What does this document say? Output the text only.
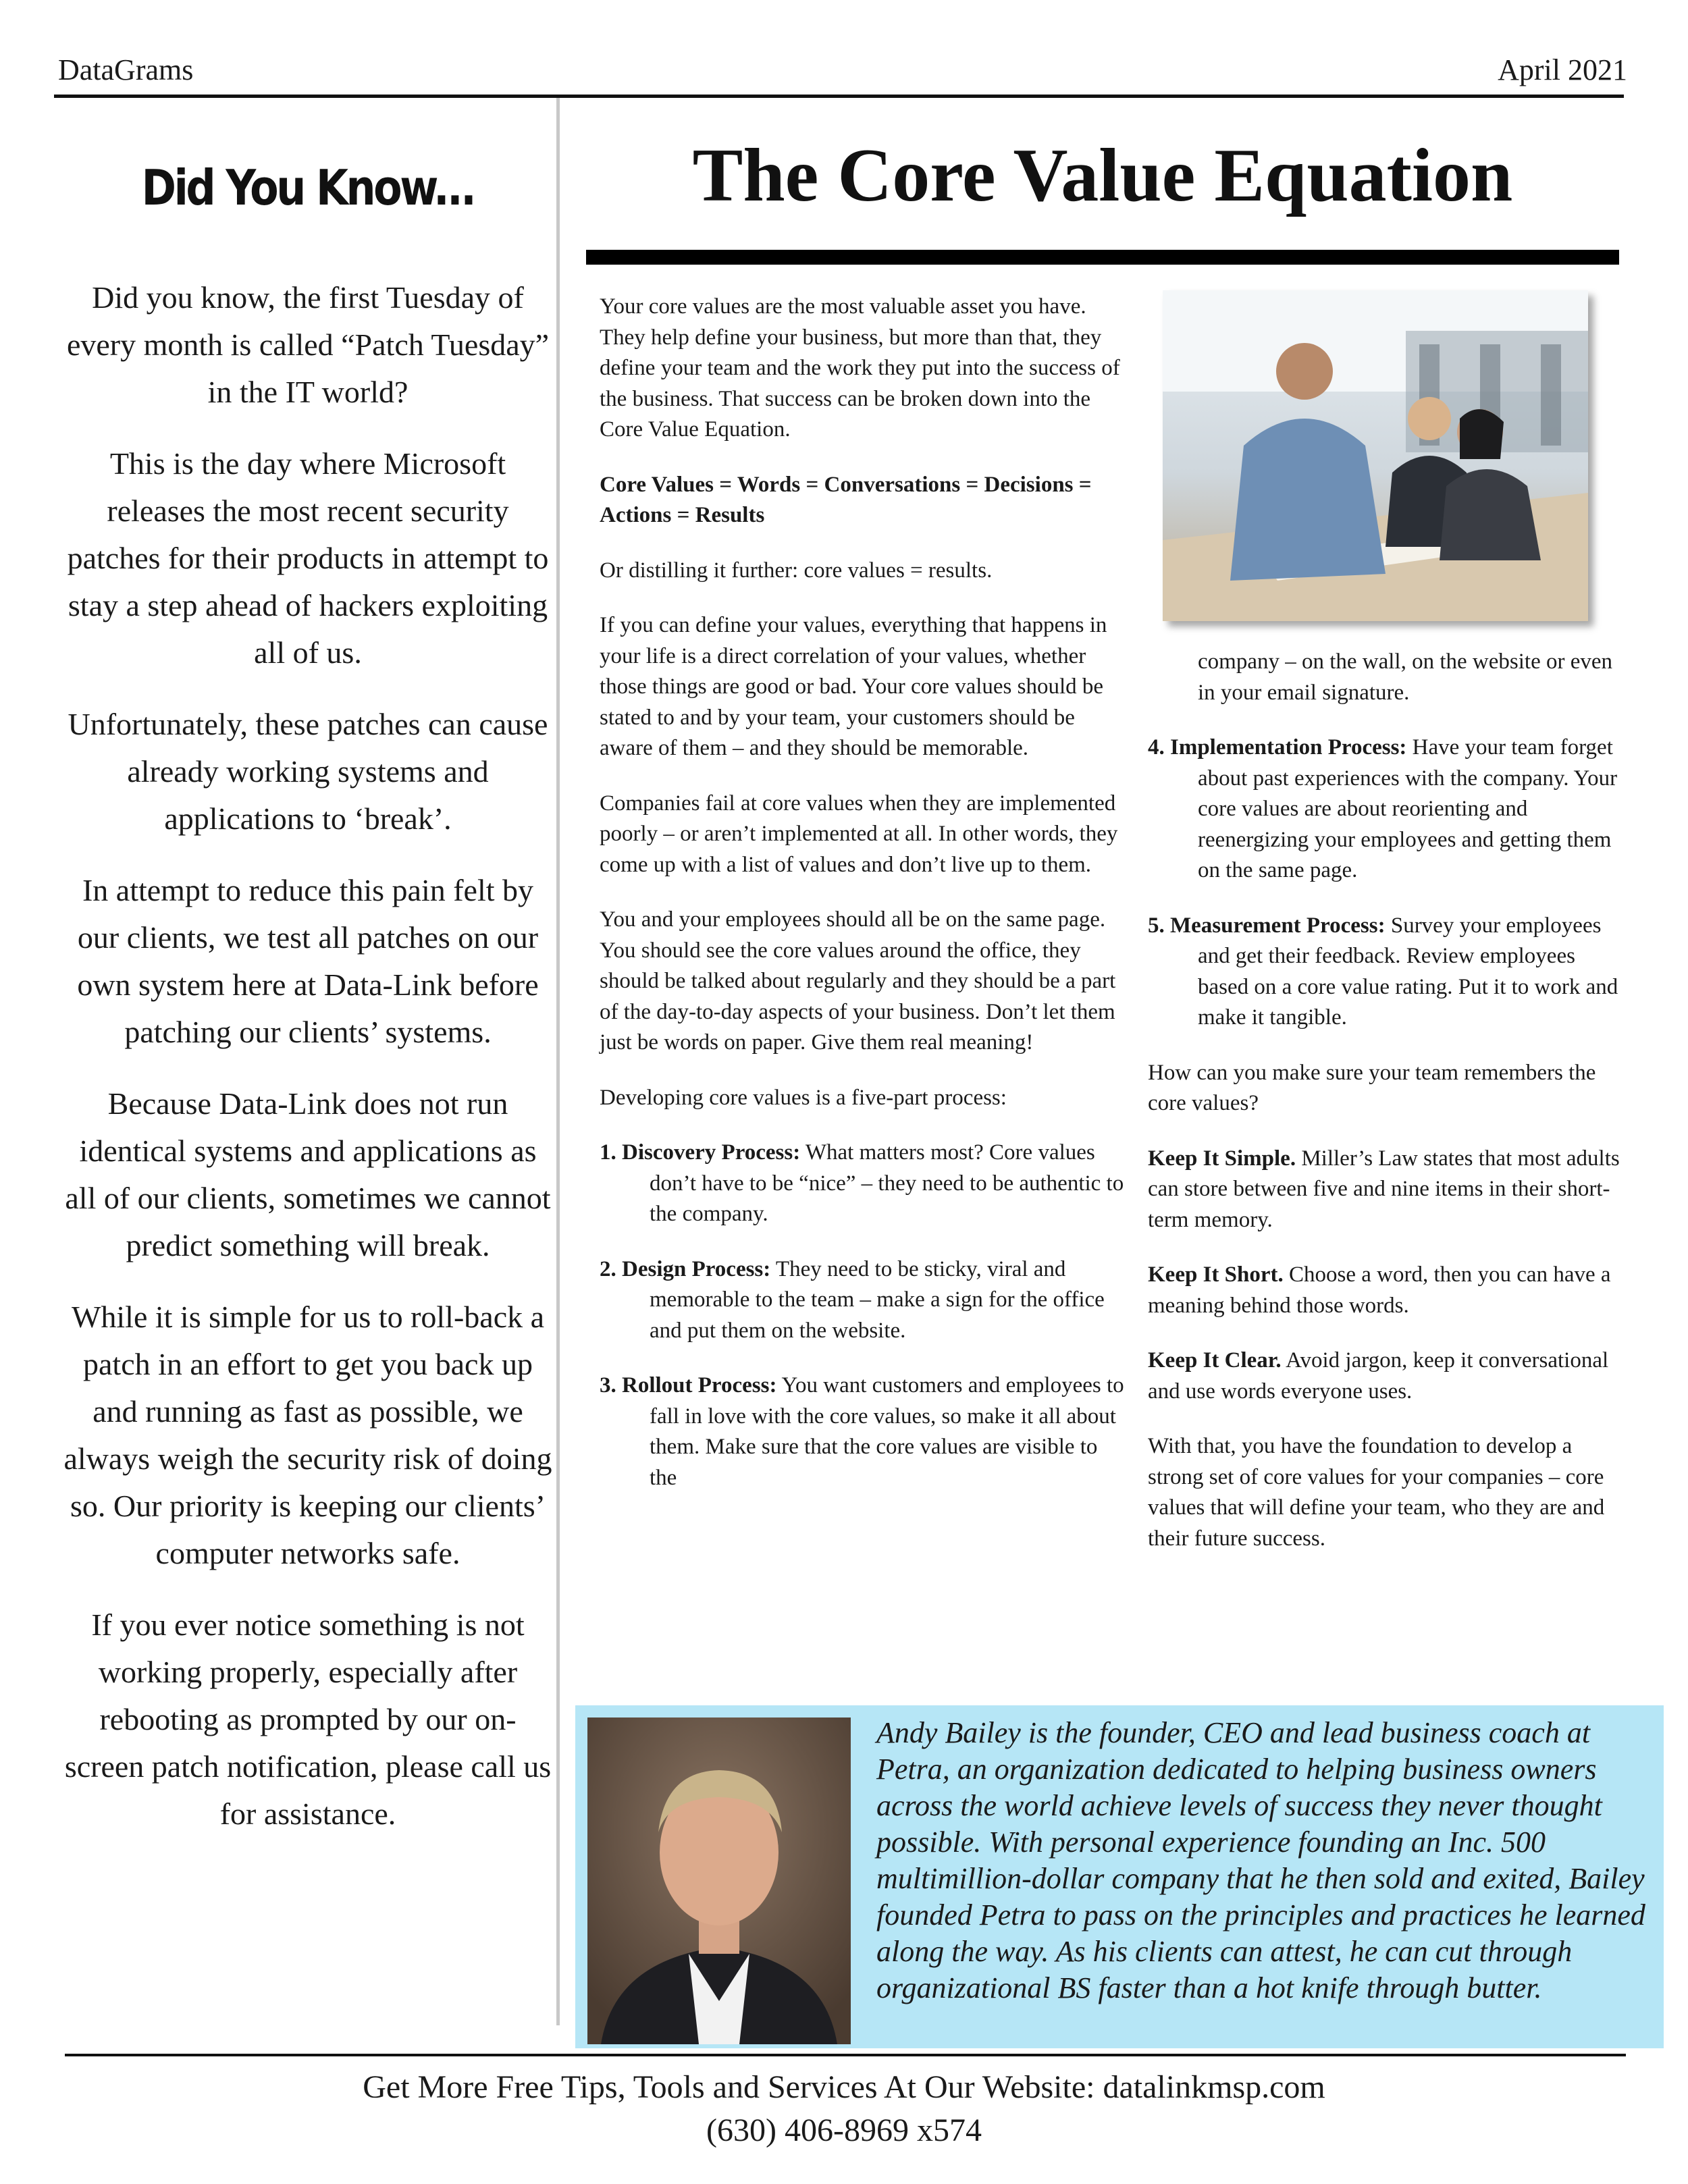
DataGrams	April 2021
Did You Know...

Did you know, the first Tuesday of every month is called “Patch Tuesday” in the IT world?

This is the day where Microsoft releases the most recent security patches for their products in attempt to stay a step ahead of hackers exploiting all of us.

Unfortunately, these patches can cause already working systems and applications to ‘break’.

In attempt to reduce this pain felt by our clients, we test all patches on our own system here at Data-Link before patching our clients’ systems.

Because Data-Link does not run identical systems and applications as all of our clients, sometimes we cannot predict something will break.

While it is simple for us to roll-back a patch in an effort to get you back up and running as fast as possible, we always weigh the security risk of doing so. Our priority is keeping our clients’ computer networks safe.

If you ever notice something is not working properly, especially after rebooting as prompted by our on-screen patch notification, please call us for assistance.

The Core Value Equation

Your core values are the most valuable asset you have. They help define your business, but more than that, they define your team and the work they put into the success of the business. That success can be broken down into the Core Value Equation.

Core Values = Words = Conversations = Decisions = Actions = Results

Or distilling it further: core values = results.

If you can define your values, everything that happens in your life is a direct correlation of your values, whether those things are good or bad. Your core values should be stated to and by your team, your customers should be aware of them – and they should be memorable.

Companies fail at core values when they are implemented poorly – or aren’t implemented at all. In other words, they come up with a list of values and don’t live up to them.

You and your employees should all be on the same page. You should see the core values around the office, they should be talked about regularly and they should be a part of the day-to-day aspects of your business. Don’t let them just be words on paper. Give them real meaning!

Developing core values is a five-part process:

1. Discovery Process: What matters most? Core values don’t have to be “nice” – they need to be authentic to the company.

2. Design Process: They need to be sticky, viral and memorable to the team – make a sign for the office and put them on the website.

3. Rollout Process: You want customers and employees to fall in love with the core values, so make it all about them. Make sure that the core values are visible to the

company – on the wall, on the website or even in your email signature.

4. Implementation Process: Have your team forget about past experiences with the company. Your core values are about reorienting and reenergizing your employees and getting them on the same page.

5. Measurement Process: Survey your employees and get their feedback. Review employees based on a core value rating. Put it to work and make it tangible.

How can you make sure your team remembers the core values?

Keep It Simple. Miller’s Law states that most adults can store between five and nine items in their short-term memory.

Keep It Short. Choose a word, then you can have a meaning behind those words.

Keep It Clear. Avoid jargon, keep it conversational and use words everyone uses.

With that, you have the foundation to develop a strong set of core values for your companies – core values that will define your team, who they are and their future success.

Andy Bailey is the founder, CEO and lead business coach at Petra, an organization dedicated to helping business owners across the world achieve levels of success they never thought possible. With personal experience founding an Inc. 500 multimillion-dollar company that he then sold and exited, Bailey founded Petra to pass on the principles and practices he learned along the way. As his clients can attest, he can cut through organizational BS faster than a hot knife through butter.
Get More Free Tips, Tools and Services At Our Website: datalinkmsp.com
(630) 406-8969 x574
